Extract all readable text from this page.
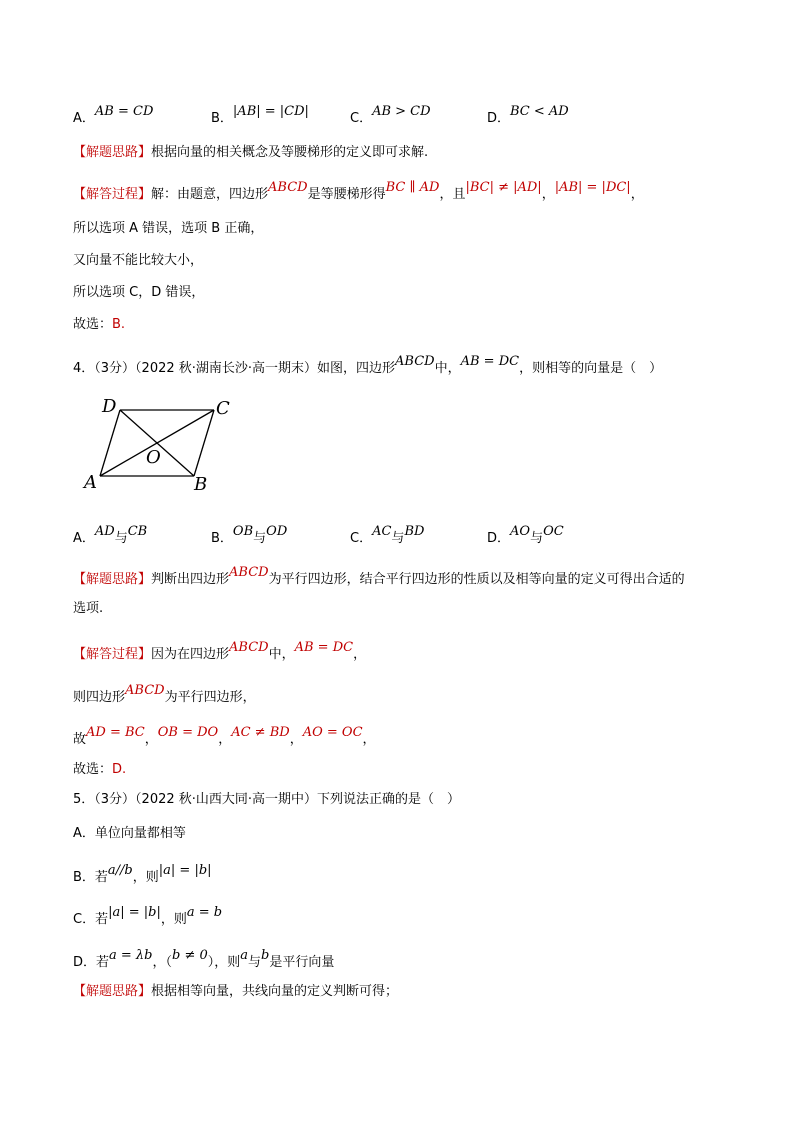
A．AB = CD	B．|AB| = |CD|	C．AB > CD	D．BC < AD
【解题思路】根据向量的相关概念及等腰梯形的定义即可求解.
【解答过程】解：由题意，四边形ABCD是等腰梯形得BC ∥ AD，且|BC| ≠ |AD|，|AB| = |DC|，
所以选项 A 错误，选项 B 正确，
又向量不能比较大小，
所以选项 C，D 错误，
故选：B.
4．（3分）（2022 秋·湖南长沙·高一期末）如图，四边形ABCD中，AB = DC，则相等的向量是（　）
D	C
O
A	B
A．AD与CB	B．OB与OD	C．AC与BD	D．AO与OC
【解题思路】判断出四边形ABCD为平行四边形，结合平行四边形的性质以及相等向量的定义可得出合适的
选项.
【解答过程】因为在四边形ABCD中，AB = DC，
则四边形ABCD为平行四边形，
故AD = BC，OB = DO，AC ≠ BD，AO = OC，
故选：D.
5．（3分）（2022 秋·山西大同·高一期中）下列说法正确的是（　）
A．单位向量都相等
B．若a//b，则|a| = |b|
C．若|a| = |b|，则a = b
D．若a = λb，（b ≠ 0），则a与b是平行向量
【解题思路】根据相等向量，共线向量的定义判断可得；
